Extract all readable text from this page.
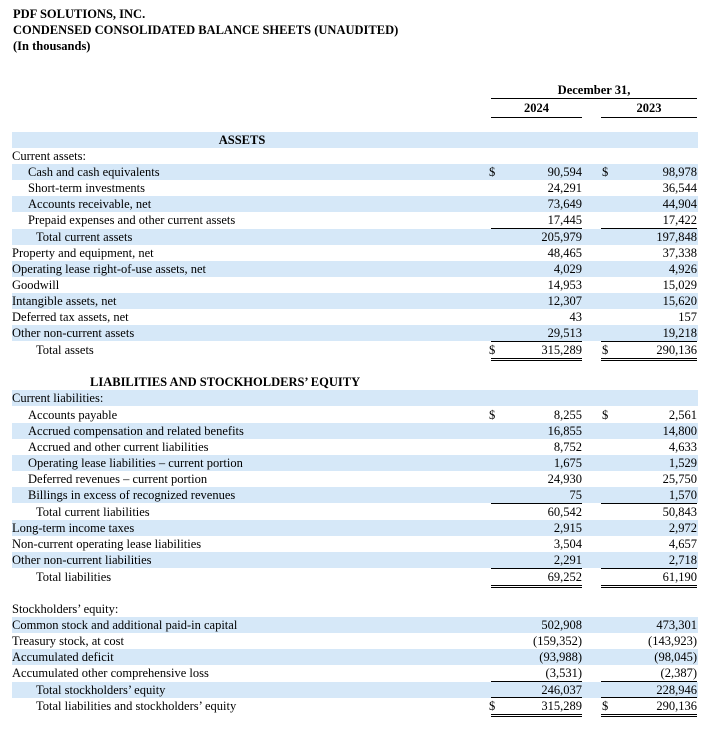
PDF SOLUTIONS, INC.
CONDENSED CONSOLIDATED BALANCE SHEETS (UNAUDITED)
(In thousands)
December 31,
2024	2023
ASSETS
Current assets:
Cash and cash equivalents	$	90,594 $	98,978
Short-term investments	24,291	36,544
Accounts receivable, net	73,649	44,904
Prepaid expenses and other current assets	17,445	17,422
Total current assets	205,979	197,848
Property and equipment, net	48,465	37,338
Operating lease right-of-use assets, net	4,029	4,926
Goodwill	14,953	15,029
Intangible assets, net	12,307	15,620
Deferred tax assets, net	43	157
Other non-current assets	29,513	19,218
Total assets	$	315,289 $	290,136
LIABILITIES AND STOCKHOLDERS’ EQUITY
Current liabilities:
Accounts payable	$	8,255 $	2,561
Accrued compensation and related benefits	16,855	14,800
Accrued and other current liabilities	8,752	4,633
Operating lease liabilities – current portion	1,675	1,529
Deferred revenues – current portion	24,930	25,750
Billings in excess of recognized revenues	75	1,570
Total current liabilities	60,542	50,843
Long-term income taxes	2,915	2,972
Non-current operating lease liabilities	3,504	4,657
Other non-current liabilities	2,291	2,718
Total liabilities	69,252	61,190
Stockholders’ equity:
Common stock and additional paid-in capital	502,908	473,301
Treasury stock, at cost	(159,352)	(143,923)
Accumulated deficit	(93,988)	(98,045)
Accumulated other comprehensive loss	(3,531)	(2,387)
Total stockholders’ equity	246,037	228,946
Total liabilities and stockholders’ equity	$	315,289 $	290,136
